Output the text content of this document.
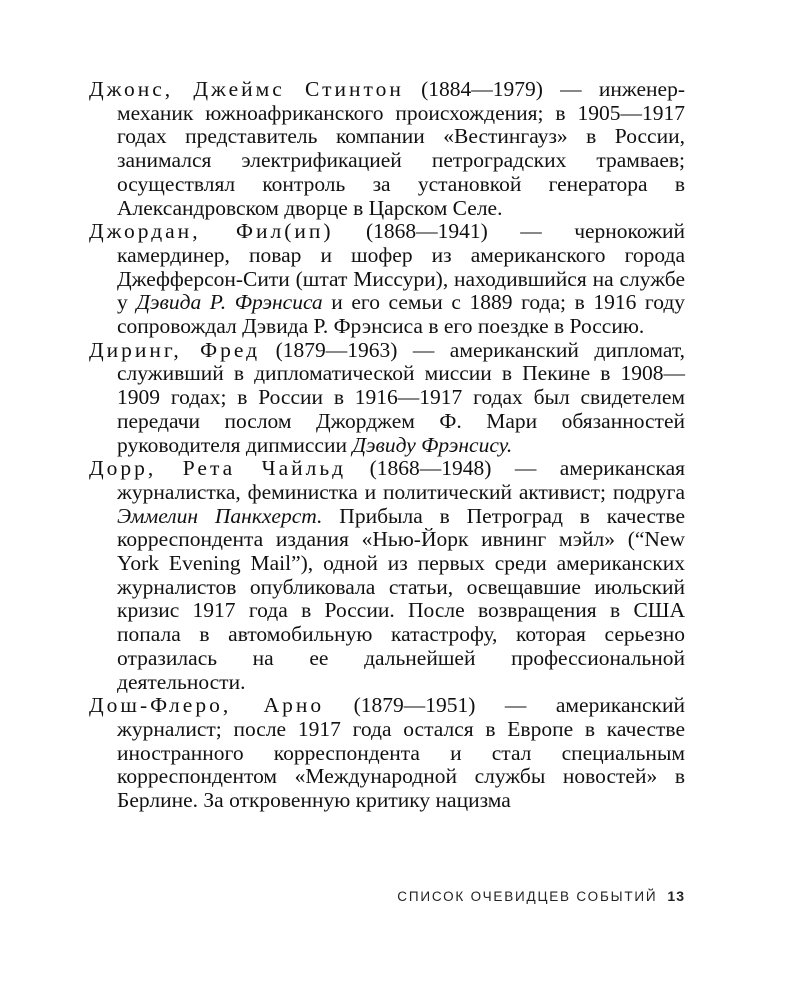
Джонс, Джеймс Стинтон (1884—1979) — инженер-механик южноафриканского происхождения; в 1905—1917 годах представитель компании «Вестингауз» в России, занимался электрификацией петроградских трамваев; осуществлял контроль за установкой генератора в Александровском дворце в Царском Селе.
Джордан, Фил(ип) (1868—1941) — чернокожий камердинер, повар и шофер из американского города Джефферсон-Сити (штат Миссури), находившийся на службе у Дэвида Р. Фрэнсиса и его семьи с 1889 года; в 1916 году сопровождал Дэвида Р. Фрэнсиса в его поездке в Россию.
Диринг, Фред (1879—1963) — американский дипломат, служивший в дипломатической миссии в Пекине в 1908—1909 годах; в России в 1916—1917 годах был свидетелем передачи послом Джорджем Ф. Мари обязанностей руководителя дипмиссии Дэвиду Фрэнсису.
Дорр, Рета Чайльд (1868—1948) — американская журналистка, феминистка и политический активист; подруга Эммелин Панкхерст. Прибыла в Петроград в качестве корреспондента издания «Нью-Йорк ивнинг мэйл» (“New York Evening Mail”), одной из первых среди американских журналистов опубликовала статьи, освещавшие июльский кризис 1917 года в России. После возвращения в США попала в автомобильную катастрофу, которая серьезно отразилась на ее дальнейшей профессиональной деятельности.
Дош-Флеро, Арно (1879—1951) — американский журналист; после 1917 года остался в Европе в качестве иностранного корреспондента и стал специальным корреспондентом «Международной службы новостей» в Берлине. За откровенную критику нацизма
СПИСОК ОЧЕВИДЦЕВ СОБЫТИЙ 13
